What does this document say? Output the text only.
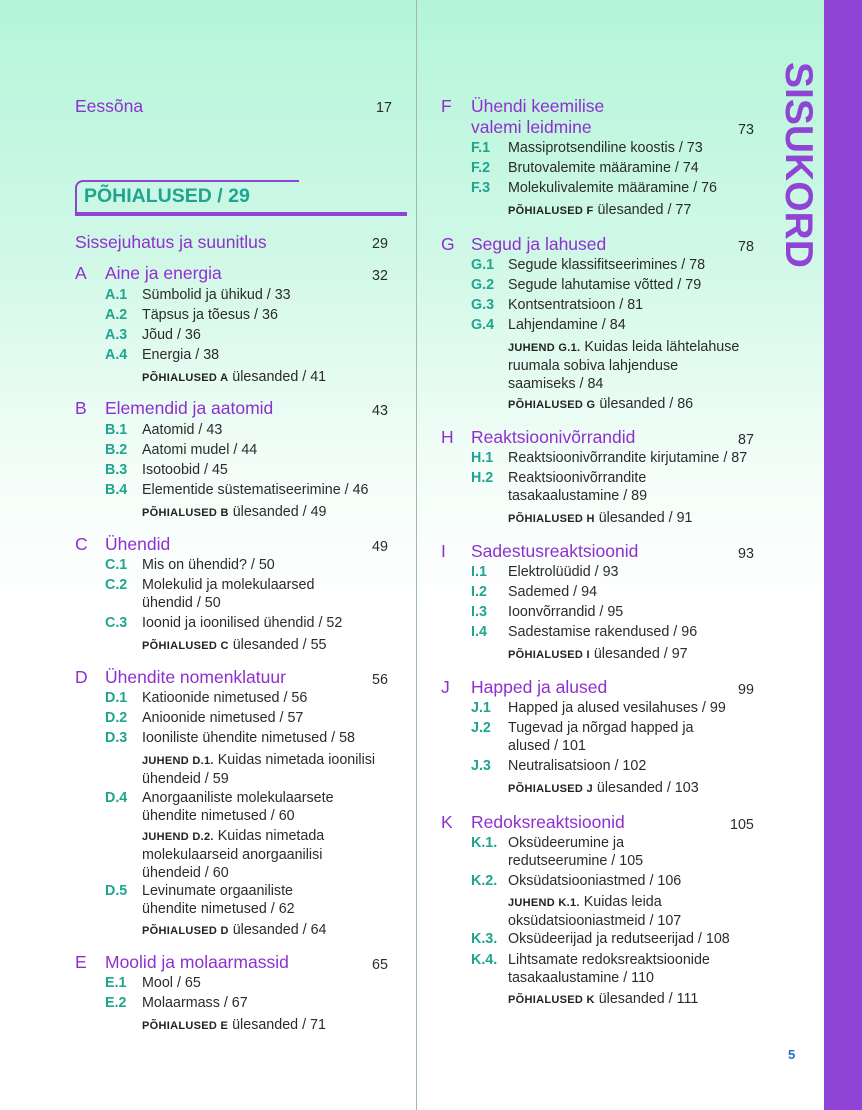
SISUKORD
5
Eessõna	17
PÕHIALUSED / 29
Sissejuhatus ja suunitlus	29
A Aine ja energia	32
A.1 Sümbolid ja ühikud / 33
A.2 Täpsus ja tõesus / 36
A.3 Jõud / 36
A.4 Energia / 38
PÕHIALUSED A ülesanded / 41
B Elemendid ja aatomid	43
B.1 Aatomid / 43
B.2 Aatomi mudel / 44
B.3 Isotoobid / 45
B.4 Elementide süstematiseerimine / 46
PÕHIALUSED B ülesanded / 49
C Ühendid	49
C.1 Mis on ühendid? / 50
C.2 Molekulid ja molekulaarsed ühendid / 50
C.3 Ioonid ja ioonilised ühendid / 52
PÕHIALUSED C ülesanded / 55
D Ühendite nomenklatuur	56
D.1 Katioonide nimetused / 56
D.2 Anioonide nimetused / 57
D.3 Iooniliste ühendite nimetused / 58
JUHEND D.1. Kuidas nimetada ioonilisi ühendeid / 59
D.4 Anorgaaniliste molekulaarsete ühendite nimetused / 60
JUHEND D.2. Kuidas nimetada molekulaarseid anorgaanilisi ühendeid / 60
D.5 Levinumate orgaaniliste ühendite nimetused / 62
PÕHIALUSED D ülesanded / 64
E Moolid ja molaarmassid	65
E.1 Mool / 65
E.2 Molaarmass / 67
PÕHIALUSED E ülesanded / 71
F Ühendi keemilise
valemi leidmine	73
F.1 Massiprotsendiline koostis / 73
F.2 Brutovalemite määramine / 74
F.3 Molekulivalemite määramine / 76
PÕHIALUSED F ülesanded / 77
G Segud ja lahused	78
G.1 Segude klassifitseerimines / 78
G.2 Segude lahutamise võtted / 79
G.3 Kontsentratsioon / 81
G.4 Lahjendamine / 84
JUHEND G.1. Kuidas leida lähtelahuse ruumala sobiva lahjenduse saamiseks / 84
PÕHIALUSED G ülesanded / 86
H Reaktsioonivõrrandid	87
H.1 Reaktsioonivõrrandite kirjutamine / 87
H.2 Reaktsioonivõrrandite tasakaalustamine / 89
PÕHIALUSED H ülesanded / 91
I Sadestusreaktsioonid	93
I.1 Elektrolüüdid / 93
I.2 Sademed / 94
I.3 Ioonvõrrandid / 95
I.4 Sadestamise rakendused / 96
PÕHIALUSED I ülesanded / 97
J Happed ja alused	99
J.1 Happed ja alused vesilahuses / 99
J.2 Tugevad ja nõrgad happed ja alused / 101
J.3 Neutralisatsioon / 102
PÕHIALUSED J ülesanded / 103
K Redoksreaktsioonid	105
K.1. Oksüdeerumine ja redutseerumine / 105
K.2. Oksüdatsiooniastmed / 106
JUHEND K.1. Kuidas leida oksüdatsiooniastmeid / 107
K.3. Oksüdeerijad ja redutseerijad / 108
K.4. Lihtsamate redoksreaktsioonide tasakaalustamine / 110
PÕHIALUSED K ülesanded / 111
